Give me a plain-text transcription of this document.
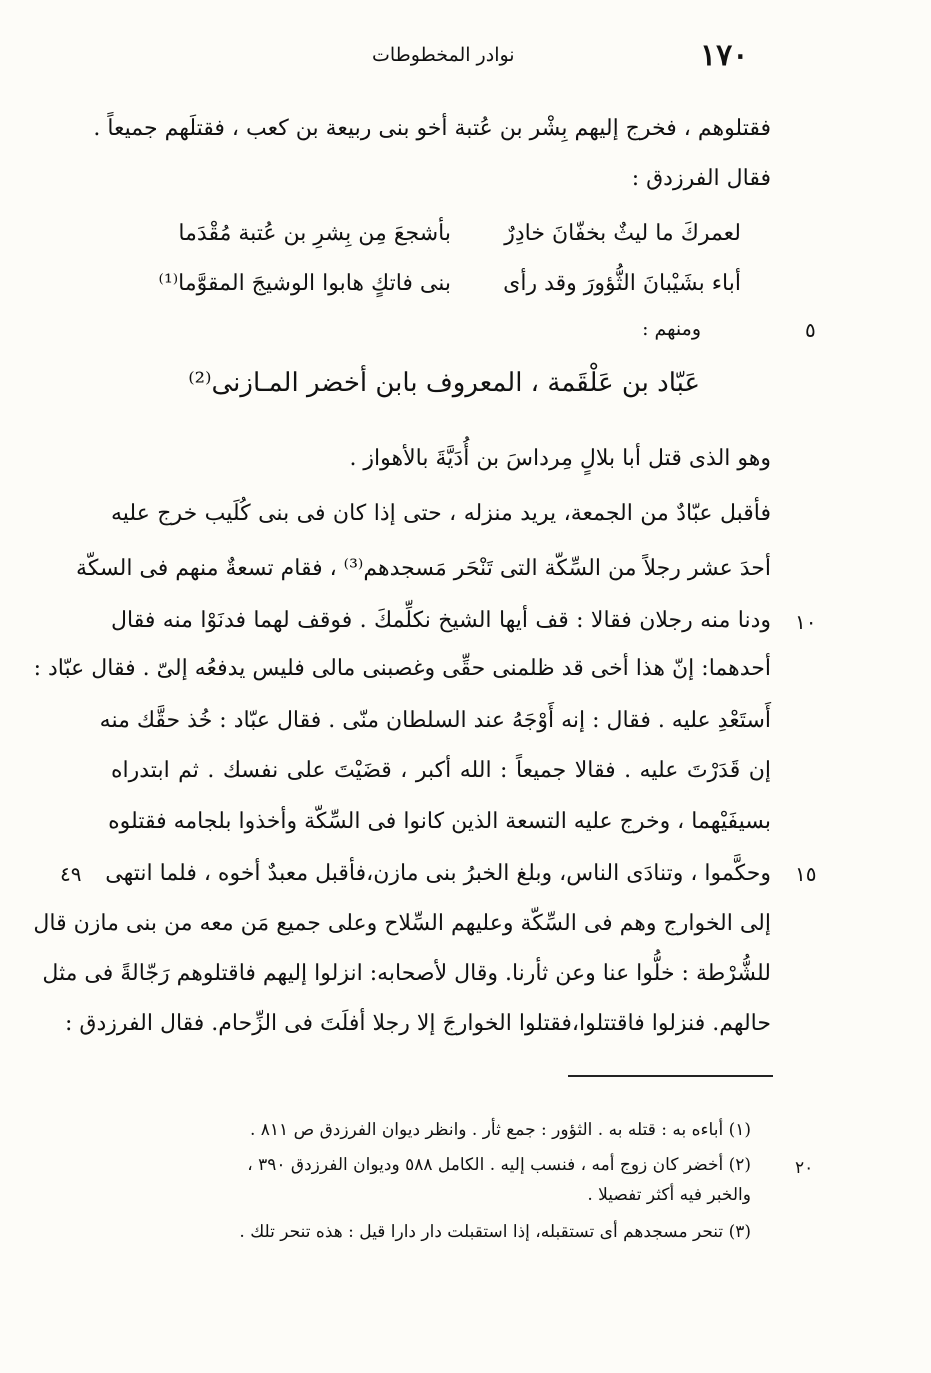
١٧٠
نوادر المخطوطات
فقتلوهم ، فخرج إليهم بِشْر بن عُتبة أخو بنى ربيعة بن كعب ، فقتلَهم جميعاً .
فقال الفرزدق :
لعمركَ ما ليثٌ بخفّانَ خادِرٌ
بأشجعَ مِن بِشرِ بن عُتبة مُقْدَما
أباء بشَيْبانَ الثُّؤورَ وقد رأى
بنى فاتكٍ هابوا الوشيجَ المقوَّما⁽¹⁾
٥
ومنهم :
عَبّاد بن عَلْقَمة ، المعروف بابن أخضر المـازنى⁽²⁾
وهو الذى قتل أبا بلالٍ مِرداسَ بن أُدَيَّةَ بالأهواز .
فأقبل عبّادٌ من الجمعة، يريد منزله ، حتى إذا كان فى بنى كُلَيب خرج عليه
أحدَ عشر رجلاً من السِّكّة التى تَنْحَر مَسجدهم⁽³⁾ ، فقام تسعةٌ منهم فى السكّة
ودنا منه رجلان فقالا : قف أيها الشيخ نكلِّمكَ . فوقف لهما فدنَوْا منه فقال
أحدهما: إنّ هذا أخى قد ظلمنى حقِّى وغصبنى مالى فليس يدفعُه إلىّ . فقال عبّاد :
أَستَعْدِ عليه . فقال : إنه أَوْجَهُ عند السلطان منّى . فقال عبّاد : خُذ حقَّك منه
إن قَدَرْتَ عليه . فقالا جميعاً : الله أكبر ، قضَيْتَ على نفسك . ثم ابتدراه
بسيفَيْهما ، وخرج عليه التسعة الذين كانوا فى السِّكّة وأخذوا بلجامه فقتلوه
وحكَّموا ، وتنادَى الناس، وبلغ الخبرُ بنى مازن،فأقبل معبدٌ أخوه ، فلما انتهى
إلى الخوارج وهم فى السِّكّة وعليهم السِّلاح وعلى جميع مَن معه من بنى مازن قال
للشُّرْطة : خلُّوا عنا وعن ثأرنا. وقال لأصحابه: انزلوا إليهم فاقتلوهم رَجّالةً فى مثل
حالهم. فنزلوا فاقتتلوا،فقتلوا الخوارجَ إلا رجلا أفلَتَ فى الزِّحام. فقال الفرزدق :
١٠
١٥
٤٩
(١) أباءه به : قتله به . الثؤور : جمع ثأر . وانظر ديوان الفرزدق ص ٨١١ .
(٢) أخضر كان زوج أمه ، فنسب إليه . الكامل ٥٨٨ وديوان الفرزدق ٣٩٠ ،
والخبر فيه أكثر تفصيلا .
(٣) تنحر مسجدهم أى تستقبله، إذا استقبلت دار دارا قيل : هذه تنحر تلك .
٢٠
